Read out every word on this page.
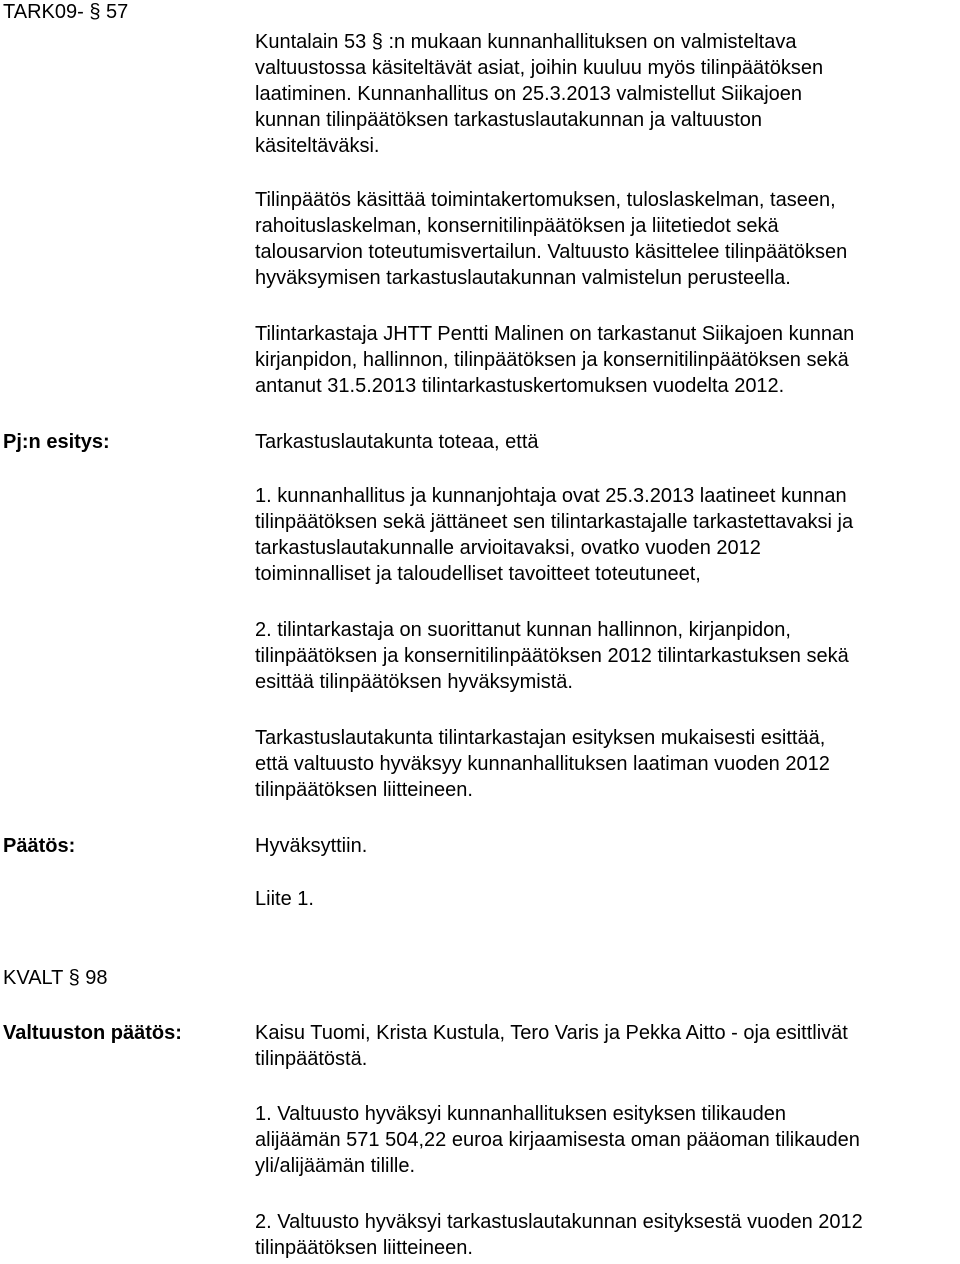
TARK09- § 57
Kuntalain 53 § :n mukaan kunnanhallituksen on valmisteltava
valtuustossa käsiteltävät asiat, joihin kuuluu myös tilinpäätöksen
laatiminen. Kunnanhallitus on 25.3.2013 valmistellut Siikajoen
kunnan tilinpäätöksen tarkastuslautakunnan ja valtuuston
käsiteltäväksi.
Tilinpäätös käsittää toimintakertomuksen, tuloslaskelman, taseen,
rahoituslaskelman, konsernitilinpäätöksen ja liitetiedot sekä
talousarvion toteutumisvertailun. Valtuusto käsittelee tilinpäätöksen
hyväksymisen tarkastuslautakunnan valmistelun perusteella.
Tilintarkastaja JHTT Pentti Malinen on tarkastanut Siikajoen kunnan
kirjanpidon, hallinnon, tilinpäätöksen ja konsernitilinpäätöksen sekä
antanut 31.5.2013 tilintarkastuskertomuksen vuodelta 2012.
Pj:n esitys:	Tarkastuslautakunta toteaa, että
1. kunnanhallitus ja kunnanjohtaja ovat 25.3.2013 laatineet kunnan
tilinpäätöksen sekä jättäneet sen tilintarkastajalle tarkastettavaksi ja
tarkastuslautakunnalle arvioitavaksi, ovatko vuoden 2012
toiminnalliset ja taloudelliset tavoitteet toteutuneet,
2. tilintarkastaja on suorittanut kunnan hallinnon, kirjanpidon,
tilinpäätöksen ja konsernitilinpäätöksen 2012 tilintarkastuksen sekä
esittää tilinpäätöksen hyväksymistä.
Tarkastuslautakunta tilintarkastajan esityksen mukaisesti esittää,
että valtuusto hyväksyy kunnanhallituksen laatiman vuoden 2012
tilinpäätöksen liitteineen.
Päätös:	Hyväksyttiin.
Liite 1.
KVALT § 98
Valtuuston päätös:	Kaisu Tuomi, Krista Kustula, Tero Varis ja Pekka Aitto - oja esittlivät
tilinpäätöstä.
1. Valtuusto hyväksyi kunnanhallituksen esityksen tilikauden
alijäämän 571 504,22 euroa kirjaamisesta oman pääoman tilikauden
yli/alijäämän tilille.
2. Valtuusto hyväksyi tarkastuslautakunnan esityksestä vuoden 2012
tilinpäätöksen liitteineen.
